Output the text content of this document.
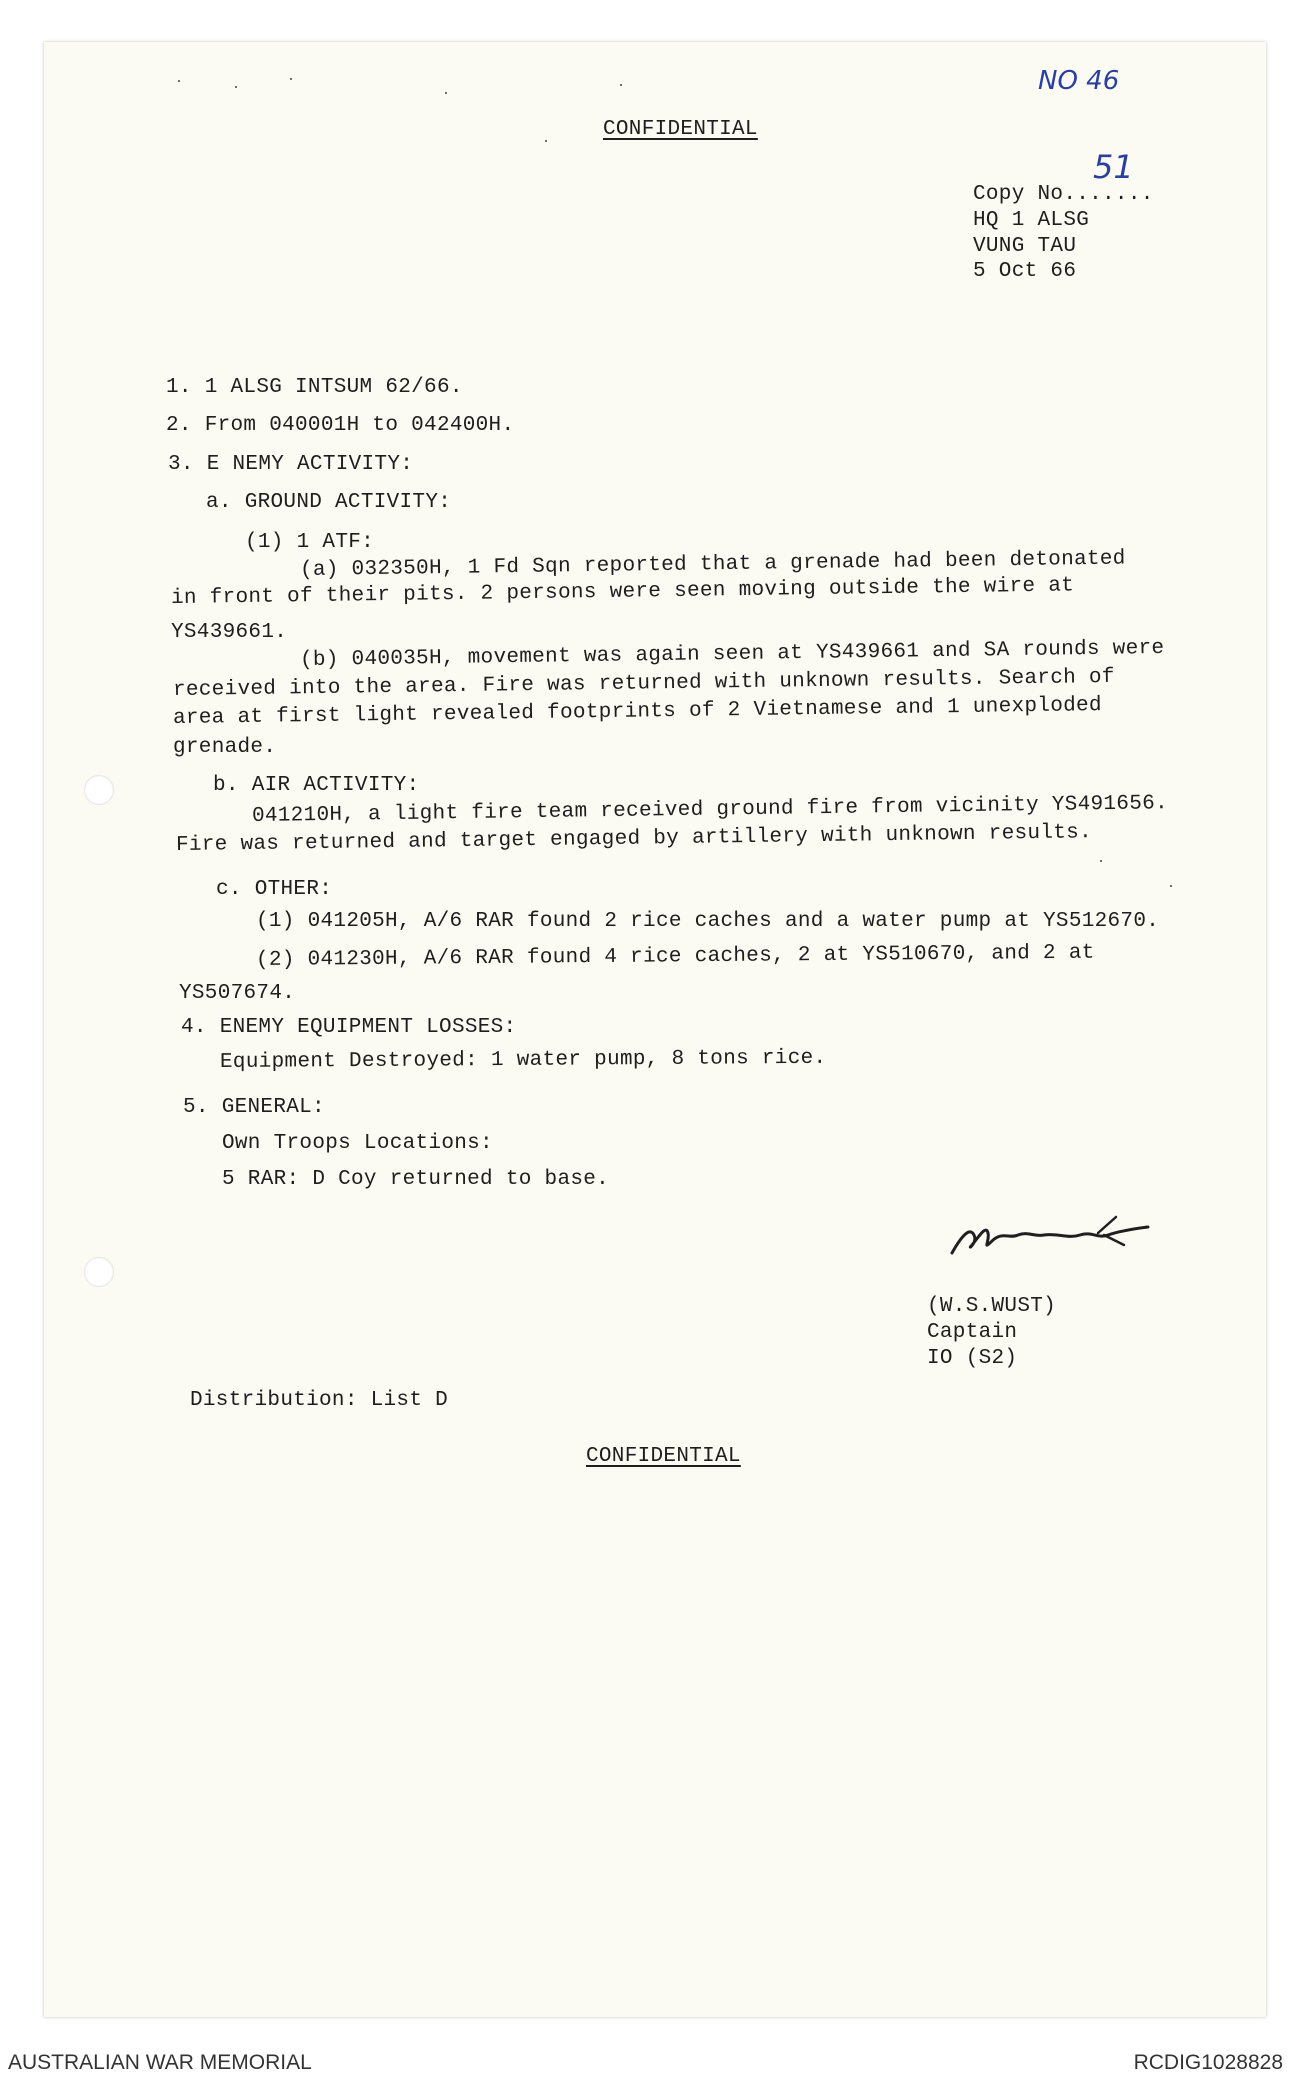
NO 46
CONFIDENTIAL
Copy No.......
51
HQ 1 ALSG
VUNG TAU
5 Oct 66
1. 1 ALSG INTSUM 62/66.
2. From 040001H to 042400H.
3. E NEMY ACTIVITY:
a. GROUND ACTIVITY:
(1) 1 ATF:
(a) 032350H, 1 Fd Sqn reported that a grenade had been detonated
in front of their pits. 2 persons were seen moving outside the wire at
YS439661.
(b) 040035H, movement was again seen at YS439661 and SA rounds were
received into the area. Fire was returned with unknown results. Search of
area at first light revealed footprints of 2 Vietnamese and 1 unexploded
grenade.
b. AIR ACTIVITY:
041210H, a light fire team received ground fire from vicinity YS491656.
Fire was returned and target engaged by artillery with unknown results.
c. OTHER:
(1) 041205H, A/6 RAR found 2 rice caches and a water pump at YS512670.
(2) 041230H, A/6 RAR found 4 rice caches, 2 at YS510670, and 2 at
YS507674.
4. ENEMY EQUIPMENT LOSSES:
Equipment Destroyed: 1 water pump, 8 tons rice.
5. GENERAL:
Own Troops Locations:
5 RAR: D Coy returned to base.
(W.S.WUST)
Captain
IO (S2)
Distribution: List D
CONFIDENTIAL
AUSTRALIAN WAR MEMORIAL	RCDIG1028828
